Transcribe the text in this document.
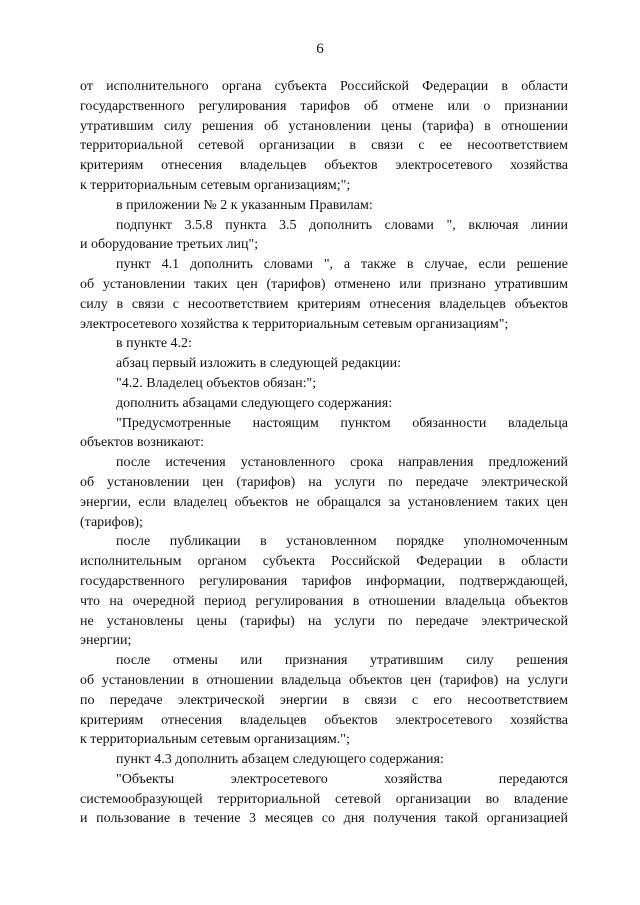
6
от исполнительного органа субъекта Российской Федерации в области
государственного регулирования тарифов об отмене или о признании
утратившим силу решения об установлении цены (тарифа) в отношении
территориальной сетевой организации в связи с ее несоответствием
критериям отнесения владельцев объектов электросетевого хозяйства
к территориальным сетевым организациям;";
в приложении № 2 к указанным Правилам:
подпункт 3.5.8 пункта 3.5 дополнить словами ", включая линии
и оборудование третьих лиц";
пункт 4.1 дополнить словами ", а также в случае, если решение
об установлении таких цен (тарифов) отменено или признано утратившим
силу в связи с несоответствием критериям отнесения владельцев объектов
электросетевого хозяйства к территориальным сетевым организациям";
в пункте 4.2:
абзац первый изложить в следующей редакции:
"4.2. Владелец объектов обязан:";
дополнить абзацами следующего содержания:
"Предусмотренные настоящим пунктом обязанности владельца
объектов возникают:
после истечения установленного срока направления предложений
об установлении цен (тарифов) на услуги по передаче электрической
энергии, если владелец объектов не обращался за установлением таких цен
(тарифов);
после публикации в установленном порядке уполномоченным
исполнительным органом субъекта Российской Федерации в области
государственного регулирования тарифов информации, подтверждающей,
что на очередной период регулирования в отношении владельца объектов
не установлены цены (тарифы) на услуги по передаче электрической
энергии;
после отмены или признания утратившим силу решения
об установлении в отношении владельца объектов цен (тарифов) на услуги
по передаче электрической энергии в связи с его несоответствием
критериям отнесения владельцев объектов электросетевого хозяйства
к территориальным сетевым организациям.";
пункт 4.3 дополнить абзацем следующего содержания:
"Объекты электросетевого хозяйства передаются
системообразующей территориальной сетевой организации во владение
и пользование в течение 3 месяцев со дня получения такой организацией
